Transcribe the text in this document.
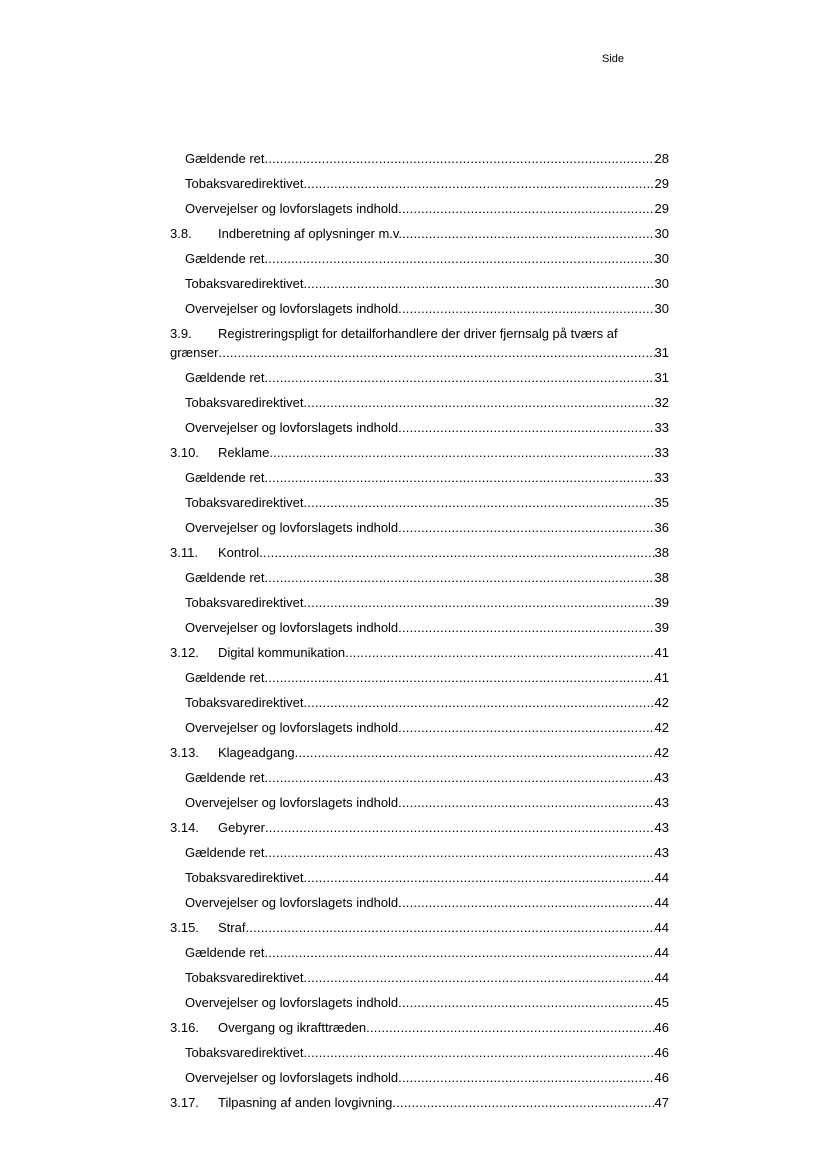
Side
Gældende ret .....	28
Tobaksvaredirektivet .....	29
Overvejelser og lovforslagets indhold .....	29
3.8. Indberetning af oplysninger m.v. .....	30
Gældende ret .....	30
Tobaksvaredirektivet .....	30
Overvejelser og lovforslagets indhold .....	30
3.9. Registreringspligt for detailforhandlere der driver fjernsalg på tværs af
grænser .....	31
Gældende ret .....	31
Tobaksvaredirektivet .....	32
Overvejelser og lovforslagets indhold .....	33
3.10. Reklame .....	33
Gældende ret .....	33
Tobaksvaredirektivet .....	35
Overvejelser og lovforslagets indhold .....	36
3.11. Kontrol .....	38
Gældende ret .....	38
Tobaksvaredirektivet .....	39
Overvejelser og lovforslagets indhold .....	39
3.12. Digital kommunikation .....	41
Gældende ret .....	41
Tobaksvaredirektivet .....	42
Overvejelser og lovforslagets indhold .....	42
3.13. Klageadgang .....	42
Gældende ret .....	43
Overvejelser og lovforslagets indhold .....	43
3.14. Gebyrer .....	43
Gældende ret .....	43
Tobaksvaredirektivet .....	44
Overvejelser og lovforslagets indhold .....	44
3.15. Straf .....	44
Gældende ret .....	44
Tobaksvaredirektivet .....	44
Overvejelser og lovforslagets indhold .....	45
3.16. Overgang og ikrafttræden .....	46
Tobaksvaredirektivet .....	46
Overvejelser og lovforslagets indhold .....	46
3.17. Tilpasning af anden lovgivning .....	47
